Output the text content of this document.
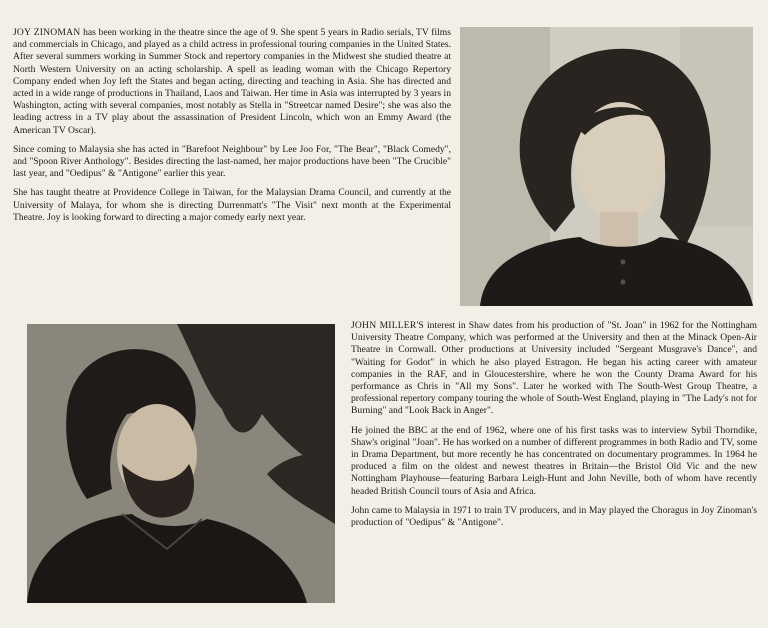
JOY ZINOMAN has been working in the theatre since the age of 9. She spent 5 years in Radio serials, TV films and commercials in Chicago, and played as a child actress in professional touring companies in the United States. After several summers working in Summer Stock and repertory companies in the Midwest she studied theatre at North Western University on an acting scholarship. A spell as leading woman with the Chicago Repertory Company ended when Joy left the States and began acting, directing and teaching in Asia. She has directed and acted in a wide range of productions in Thailand, Laos and Taiwan. Her time in Asia was interrupted by 3 years in Washington, acting with several companies, most notably as Stella in "Streetcar named Desire"; she was also the leading actress in a TV play about the assassination of President Lincoln, which won an Emmy Award (the American TV Oscar).

Since coming to Malaysia she has acted in "Barefoot Neighbour" by Lee Joo For, "The Bear", "Black Comedy", and "Spoon River Anthology". Besides directing the last-named, her major productions have been "The Crucible" last year, and "Oedipus" & "Antigone" earlier this year.

She has taught theatre at Providence College in Taiwan, for the Malaysian Drama Council, and currently at the University of Malaya, for whom she is directing Durrenmatt's "The Visit" next month at the Experimental Theatre. Joy is looking forward to directing a major comedy early next year.

JOHN MILLER'S interest in Shaw dates from his production of "St. Joan" in 1962 for the Nottingham University Theatre Company, which was performed at the University and then at the Minack Open-Air Theatre in Cornwall. Other productions at University included "Sergeant Musgrave's Dance", and "Waiting for Godot" in which he also played Estragon. He began his acting career with amateur companies in the RAF, and in Gloucestershire, where he won the County Drama Award for his performance as Chris in "All my Sons". Later he worked with The South-West Group Theatre, a professional repertory company touring the whole of South-West England, playing in "The Lady's not for Burning" and "Look Back in Anger".

He joined the BBC at the end of 1962, where one of his first tasks was to interview Sybil Thorndike, Shaw's original "Joan". He has worked on a number of different programmes in both Radio and TV, some in Drama Department, but more recently he has concentrated on documentary programmes. In 1964 he produced a film on the oldest and newest theatres in Britain—the Bristol Old Vic and the new Nottingham Playhouse—featuring Barbara Leigh-Hunt and John Neville, both of whom have recently headed British Council tours of Asia and Africa.

John came to Malaysia in 1971 to train TV producers, and in May played the Choragus in Joy Zinoman's production of "Oedipus" & "Antigone".
